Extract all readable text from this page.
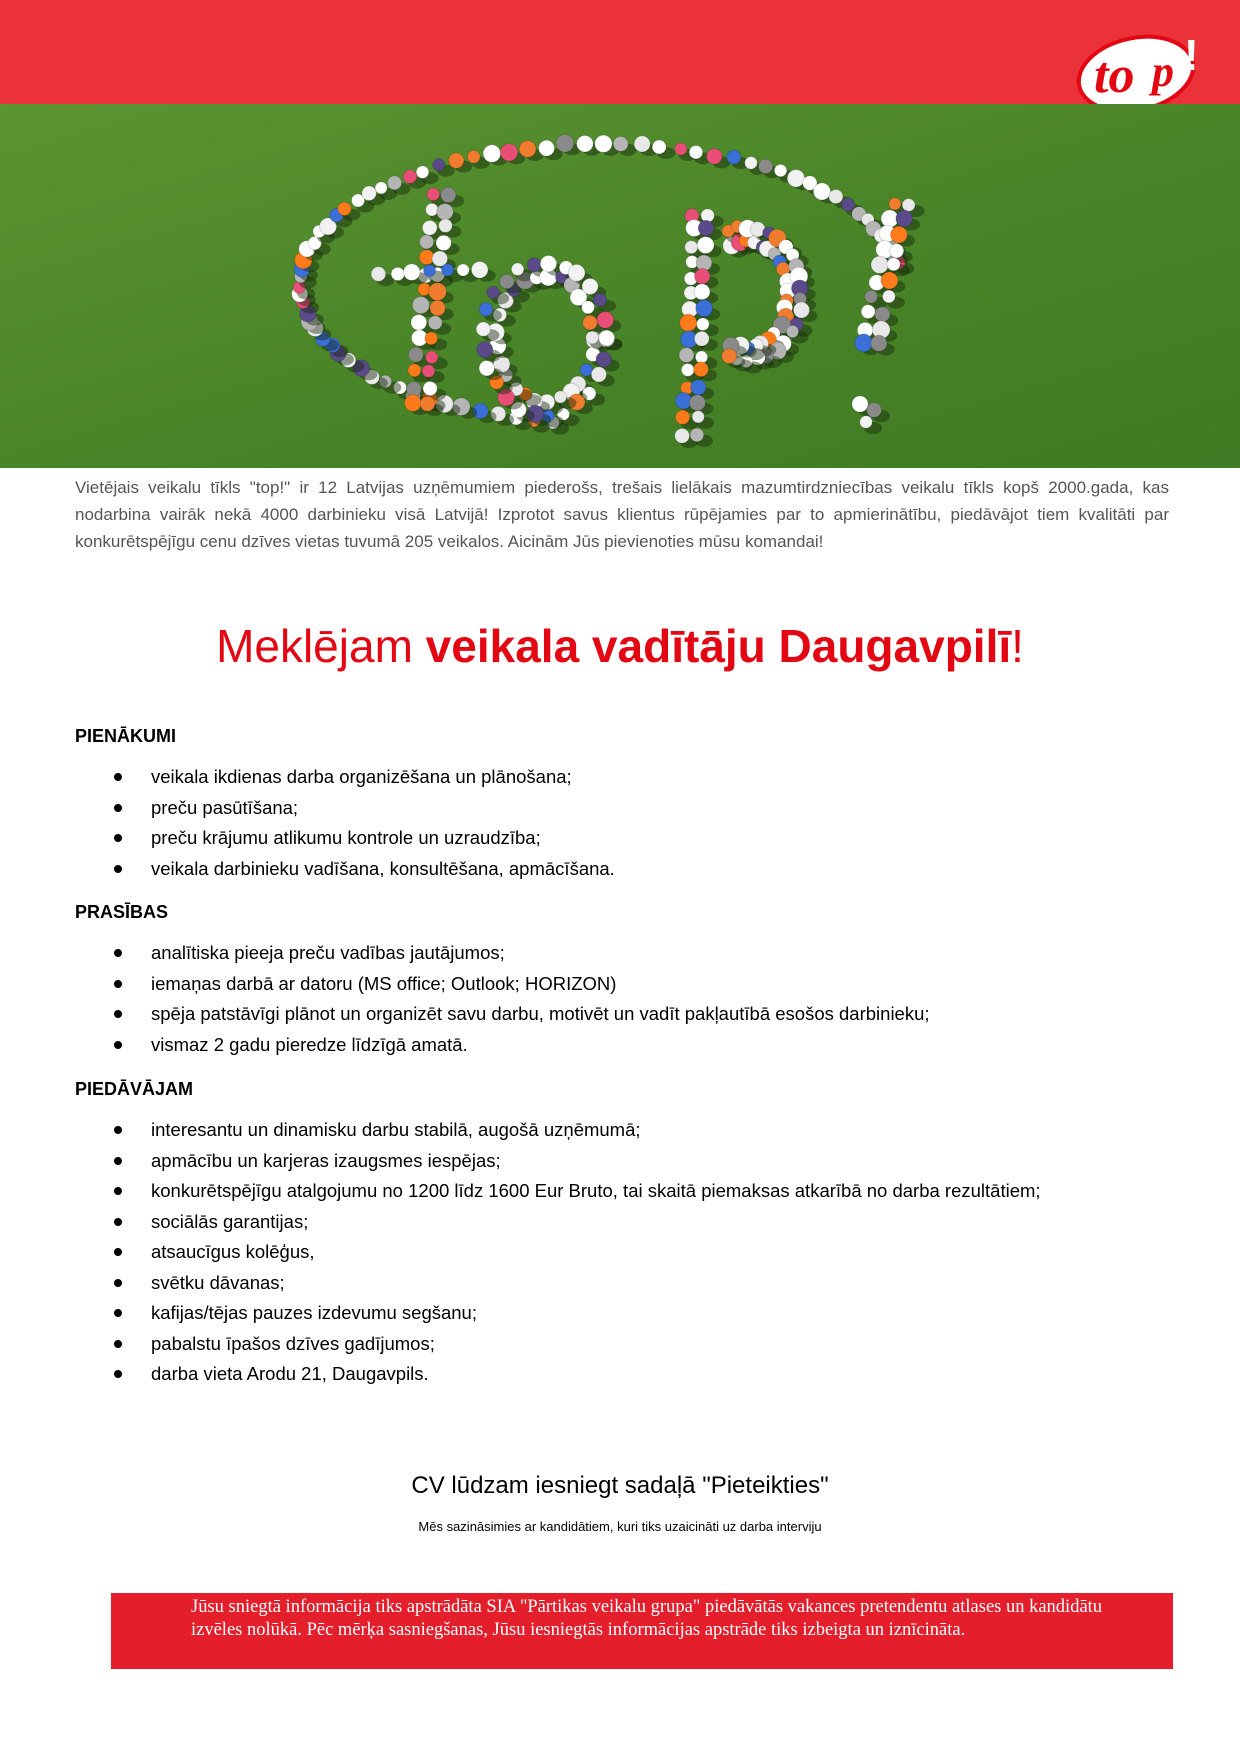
to p !

Vietējais veikalu tīkls "top!" ir 12 Latvijas uzņēmumiem piederošs, trešais lielākais mazumtirdzniecības veikalu tīkls kopš 2000.gada, kas nodarbina vairāk nekā 4000 darbinieku visā Latvijā! Izprotot savus klientus rūpējamies par to apmierinātību, piedāvājot tiem kvalitāti par konkurētspējīgu cenu dzīves vietas tuvumā 205 veikalos. Aicinām Jūs pievienoties mūsu komandai!

Meklējam veikala vadītāju Daugavpilī!
PIENĀKUMI
veikala ikdienas darba organizēšana un plānošana;
preču pasūtīšana;
preču krājumu atlikumu kontrole un uzraudzība;
veikala darbinieku vadīšana, konsultēšana, apmācīšana.
PRASĪBAS
analītiska pieeja preču vadības jautājumos;
iemaņas darbā ar datoru (MS office; Outlook; HORIZON)
spēja patstāvīgi plānot un organizēt savu darbu, motivēt un vadīt pakļautībā esošos darbinieku;
vismaz 2 gadu pieredze līdzīgā amatā.
PIEDĀVĀJAM
interesantu un dinamisku darbu stabilā, augošā uzņēmumā;
apmācību un karjeras izaugsmes iespējas;
konkurētspējīgu atalgojumu no 1200 līdz 1600 Eur Bruto, tai skaitā piemaksas atkarībā no darba rezultātiem;
sociālās garantijas;
atsaucīgus kolēģus,
svētku dāvanas;
kafijas/tējas pauzes izdevumu segšanu;
pabalstu īpašos dzīves gadījumos;
darba vieta Arodu 21, Daugavpils.
CV lūdzam iesniegt sadaļā "Pieteikties"

Mēs sazināsimies ar kandidātiem, kuri tiks uzaicināti uz darba interviju

Jūsu sniegtā informācija tiks apstrādāta SIA "Pārtikas veikalu grupa" piedāvātās vakances pretendentu atlases un kandidātu izvēles nolūkā. Pēc mērķa sasniegšanas, Jūsu iesniegtās informācijas apstrāde tiks izbeigta un iznīcināta.
